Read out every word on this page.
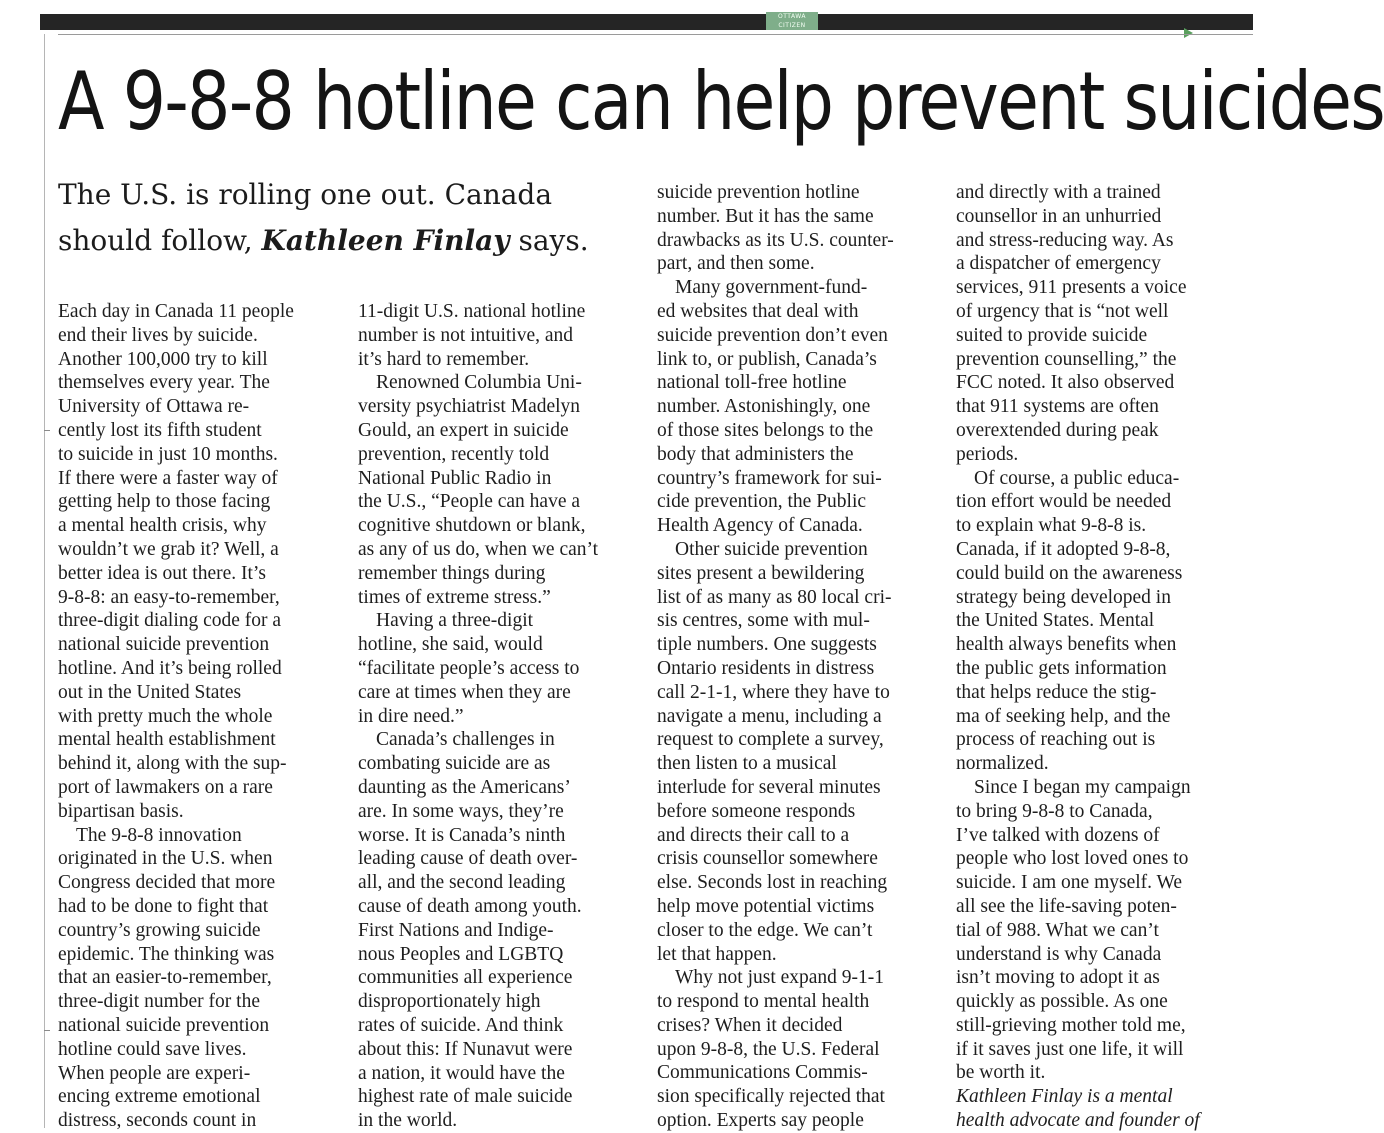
OTTAWA
CITIZEN
A 9-8-8 hotline can help prevent suicides

The U.S. is rolling one out. Canada should follow, Kathleen Finlay says.

Each day in Canada 11 people
end their lives by suicide.
Another 100,000 try to kill
themselves every year. The
University of Ottawa re-
cently lost its fifth student
to suicide in just 10 months.
If there were a faster way of
getting help to those facing
a mental health crisis, why
wouldn’t we grab it? Well, a
better idea is out there. It’s
9-8-8: an easy-to-remember,
three-digit dialing code for a
national suicide prevention
hotline. And it’s being rolled
out in the United States
with pretty much the whole
mental health establishment
behind it, along with the sup-
port of lawmakers on a rare
bipartisan basis.
The 9-8-8 innovation
originated in the U.S. when
Congress decided that more
had to be done to fight that
country’s growing suicide
epidemic. The thinking was
that an easier-to-remember,
three-digit number for the
national suicide prevention
hotline could save lives.
When people are experi-
encing extreme emotional
distress, seconds count in
11-digit U.S. national hotline
number is not intuitive, and
it’s hard to remember.
Renowned Columbia Uni-
versity psychiatrist Madelyn
Gould, an expert in suicide
prevention, recently told
National Public Radio in
the U.S., “People can have a
cognitive shutdown or blank,
as any of us do, when we can’t
remember things during
times of extreme stress.”
Having a three-digit
hotline, she said, would
“facilitate people’s access to
care at times when they are
in dire need.”
Canada’s challenges in
combating suicide are as
daunting as the Americans’
are. In some ways, they’re
worse. It is Canada’s ninth
leading cause of death over-
all, and the second leading
cause of death among youth.
First Nations and Indige-
nous Peoples and LGBTQ
communities all experience
disproportionately high
rates of suicide. And think
about this: If Nunavut were
a nation, it would have the
highest rate of male suicide
in the world.
suicide prevention hotline
number. But it has the same
drawbacks as its U.S. counter-
part, and then some.
Many government-fund-
ed websites that deal with
suicide prevention don’t even
link to, or publish, Canada’s
national toll-free hotline
number. Astonishingly, one
of those sites belongs to the
body that administers the
country’s framework for sui-
cide prevention, the Public
Health Agency of Canada.
Other suicide prevention
sites present a bewildering
list of as many as 80 local cri-
sis centres, some with mul-
tiple numbers. One suggests
Ontario residents in distress
call 2-1-1, where they have to
navigate a menu, including a
request to complete a survey,
then listen to a musical
interlude for several minutes
before someone responds
and directs their call to a
crisis counsellor somewhere
else. Seconds lost in reaching
help move potential victims
closer to the edge. We can’t
let that happen.
Why not just expand 9-1-1
to respond to mental health
crises? When it decided
upon 9-8-8, the U.S. Federal
Communications Commis-
sion specifically rejected that
option. Experts say people
and directly with a trained
counsellor in an unhurried
and stress-reducing way. As
a dispatcher of emergency
services, 911 presents a voice
of urgency that is “not well
suited to provide suicide
prevention counselling,” the
FCC noted. It also observed
that 911 systems are often
overextended during peak
periods.
Of course, a public educa-
tion effort would be needed
to explain what 9-8-8 is.
Canada, if it adopted 9-8-8,
could build on the awareness
strategy being developed in
the United States. Mental
health always benefits when
the public gets information
that helps reduce the stig-
ma of seeking help, and the
process of reaching out is
normalized.
Since I began my campaign
to bring 9-8-8 to Canada,
I’ve talked with dozens of
people who lost loved ones to
suicide. I am one myself. We
all see the life-saving poten-
tial of 988. What we can’t
understand is why Canada
isn’t moving to adopt it as
quickly as possible. As one
still-grieving mother told me,
if it saves just one life, it will
be worth it.
Kathleen Finlay is a mental
health advocate and founder of
